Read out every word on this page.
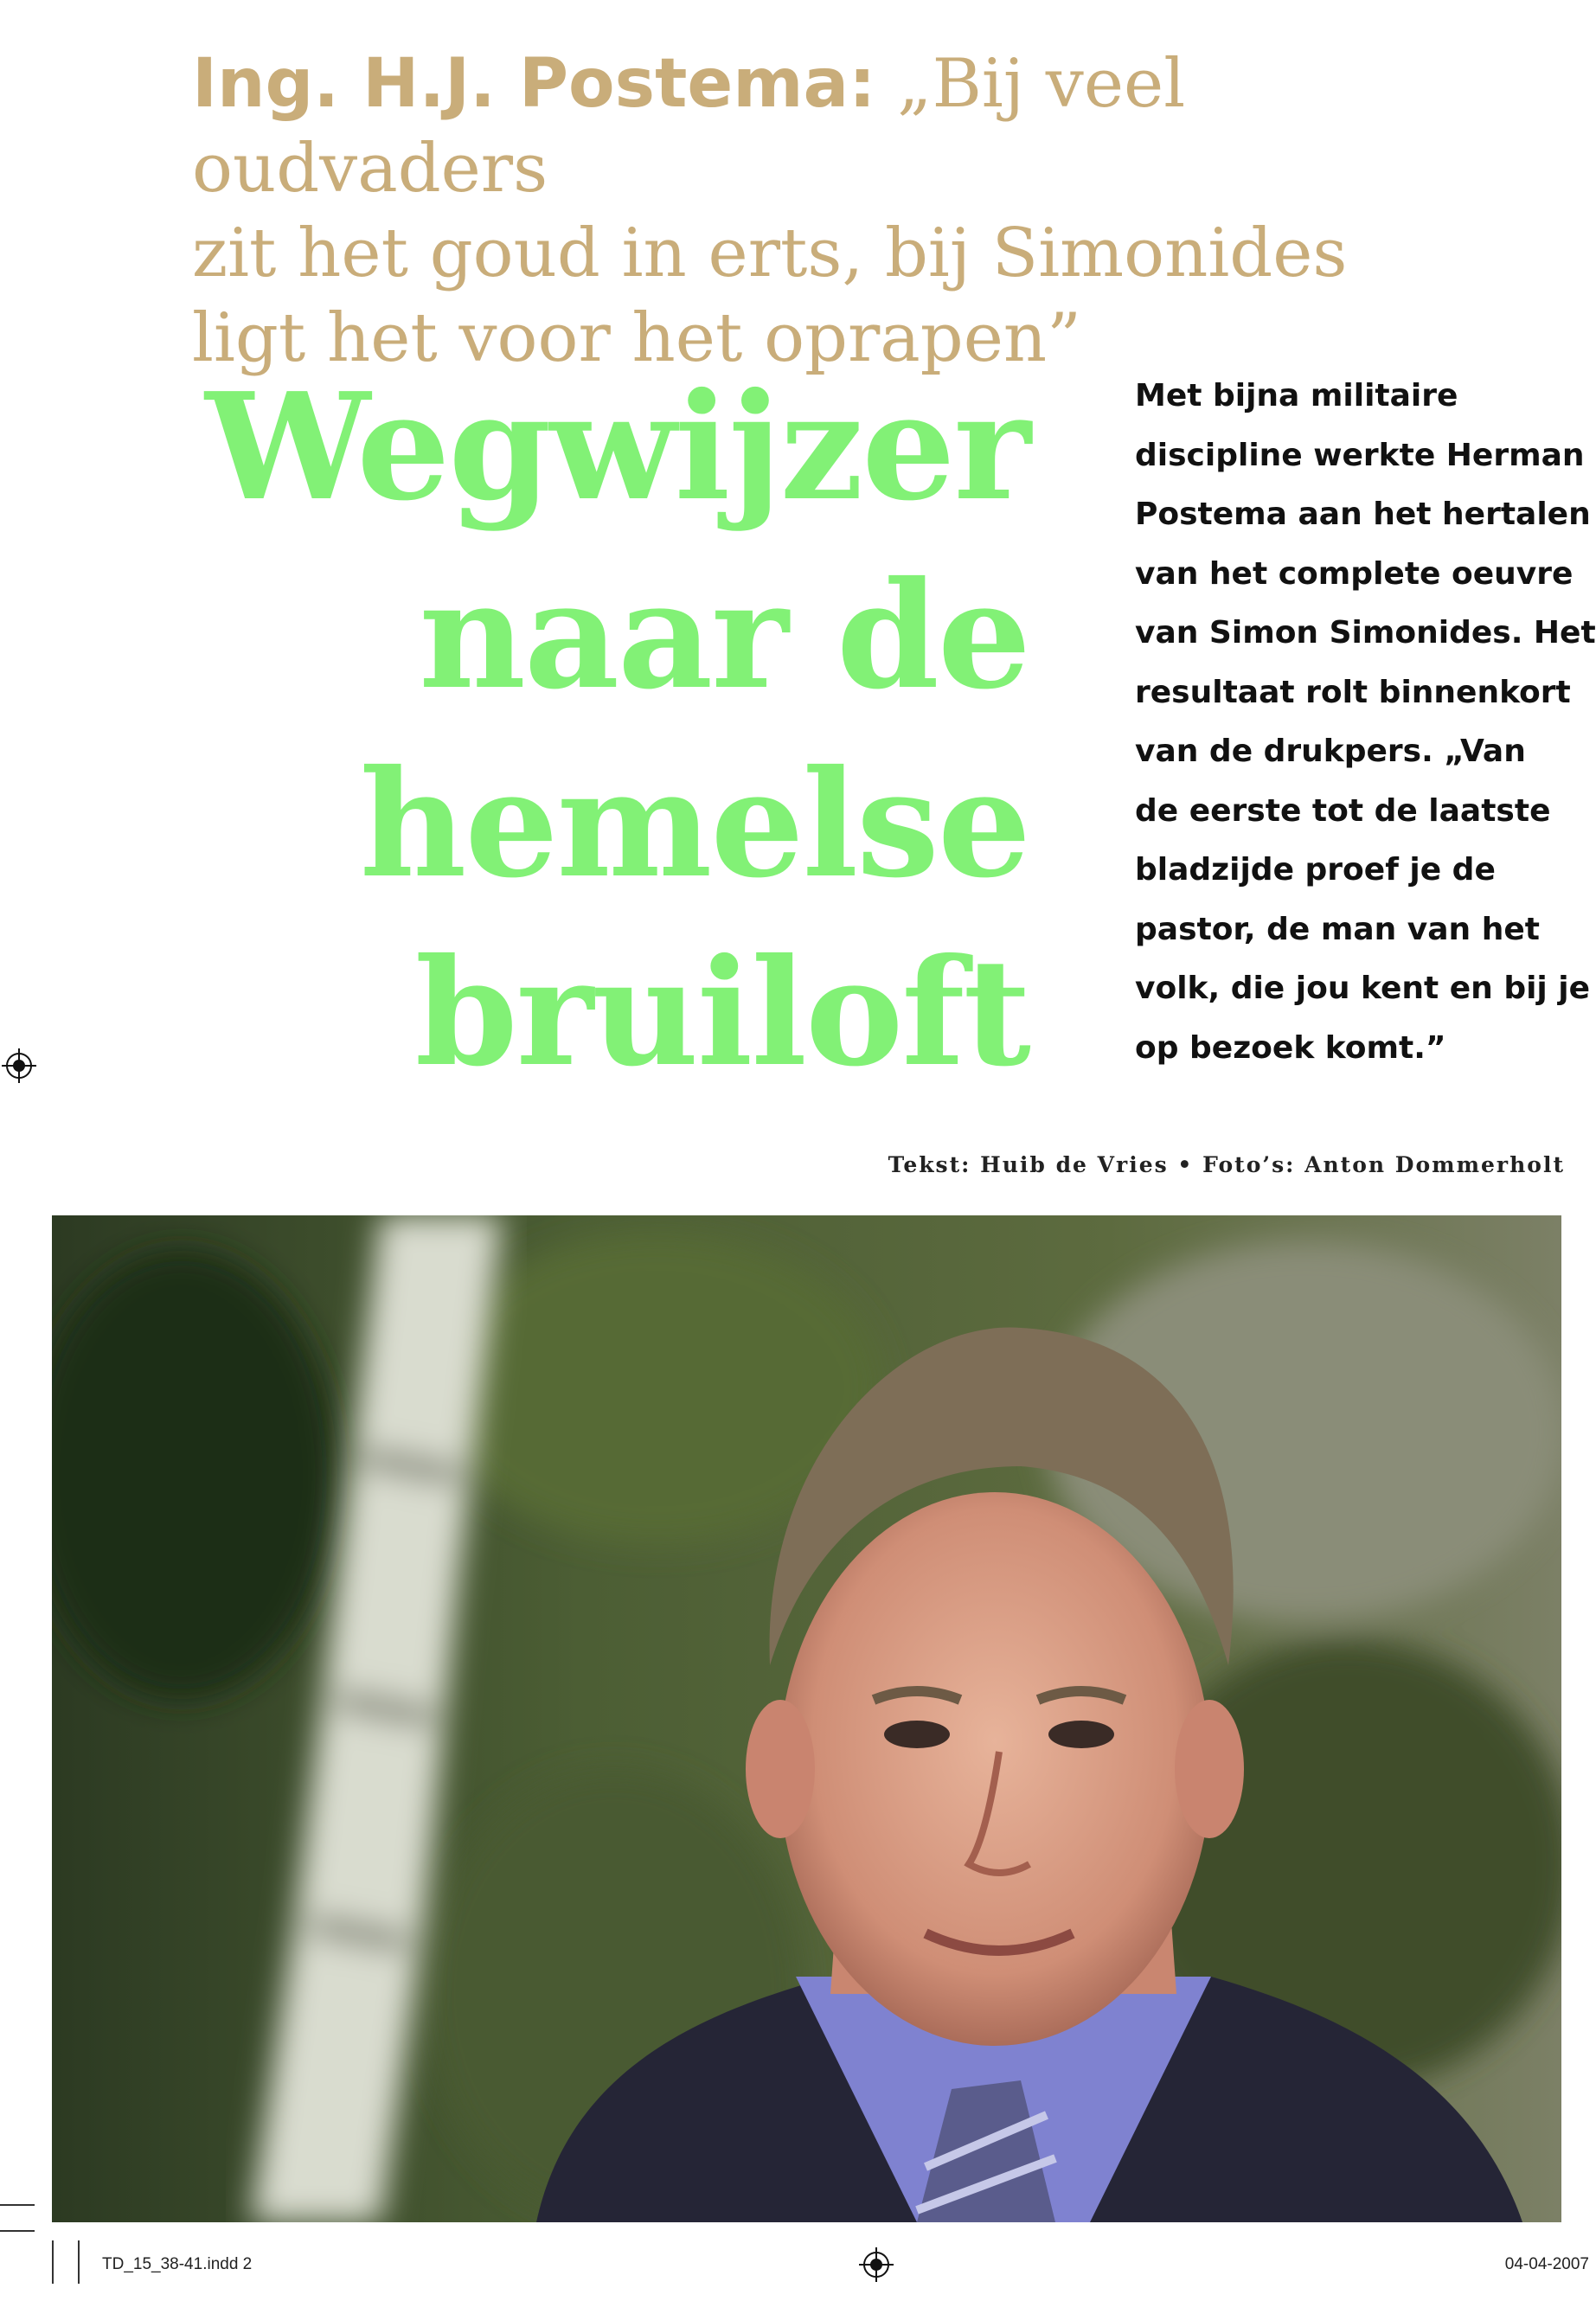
Ing. H.J. Postema: „Bij veel oudvaders
zit het goud in erts, bij Simonides
ligt het voor het oprapen”
Wegwijzer
naar de
hemelse
bruiloft
Met bijna militaire
discipline werkte Herman
Postema aan het hertalen
van het complete oeuvre
van Simon Simonides. Het
resultaat rolt binnenkort
van de drukpers. „Van
de eerste tot de laatste
bladzijde proef je de
pastor, de man van het
volk, die jou kent en bij je
op bezoek komt.”
Tekst: Huib de Vries • Foto’s: Anton Dommerholt
TD_15_38-41.indd 2	04-04-2007
